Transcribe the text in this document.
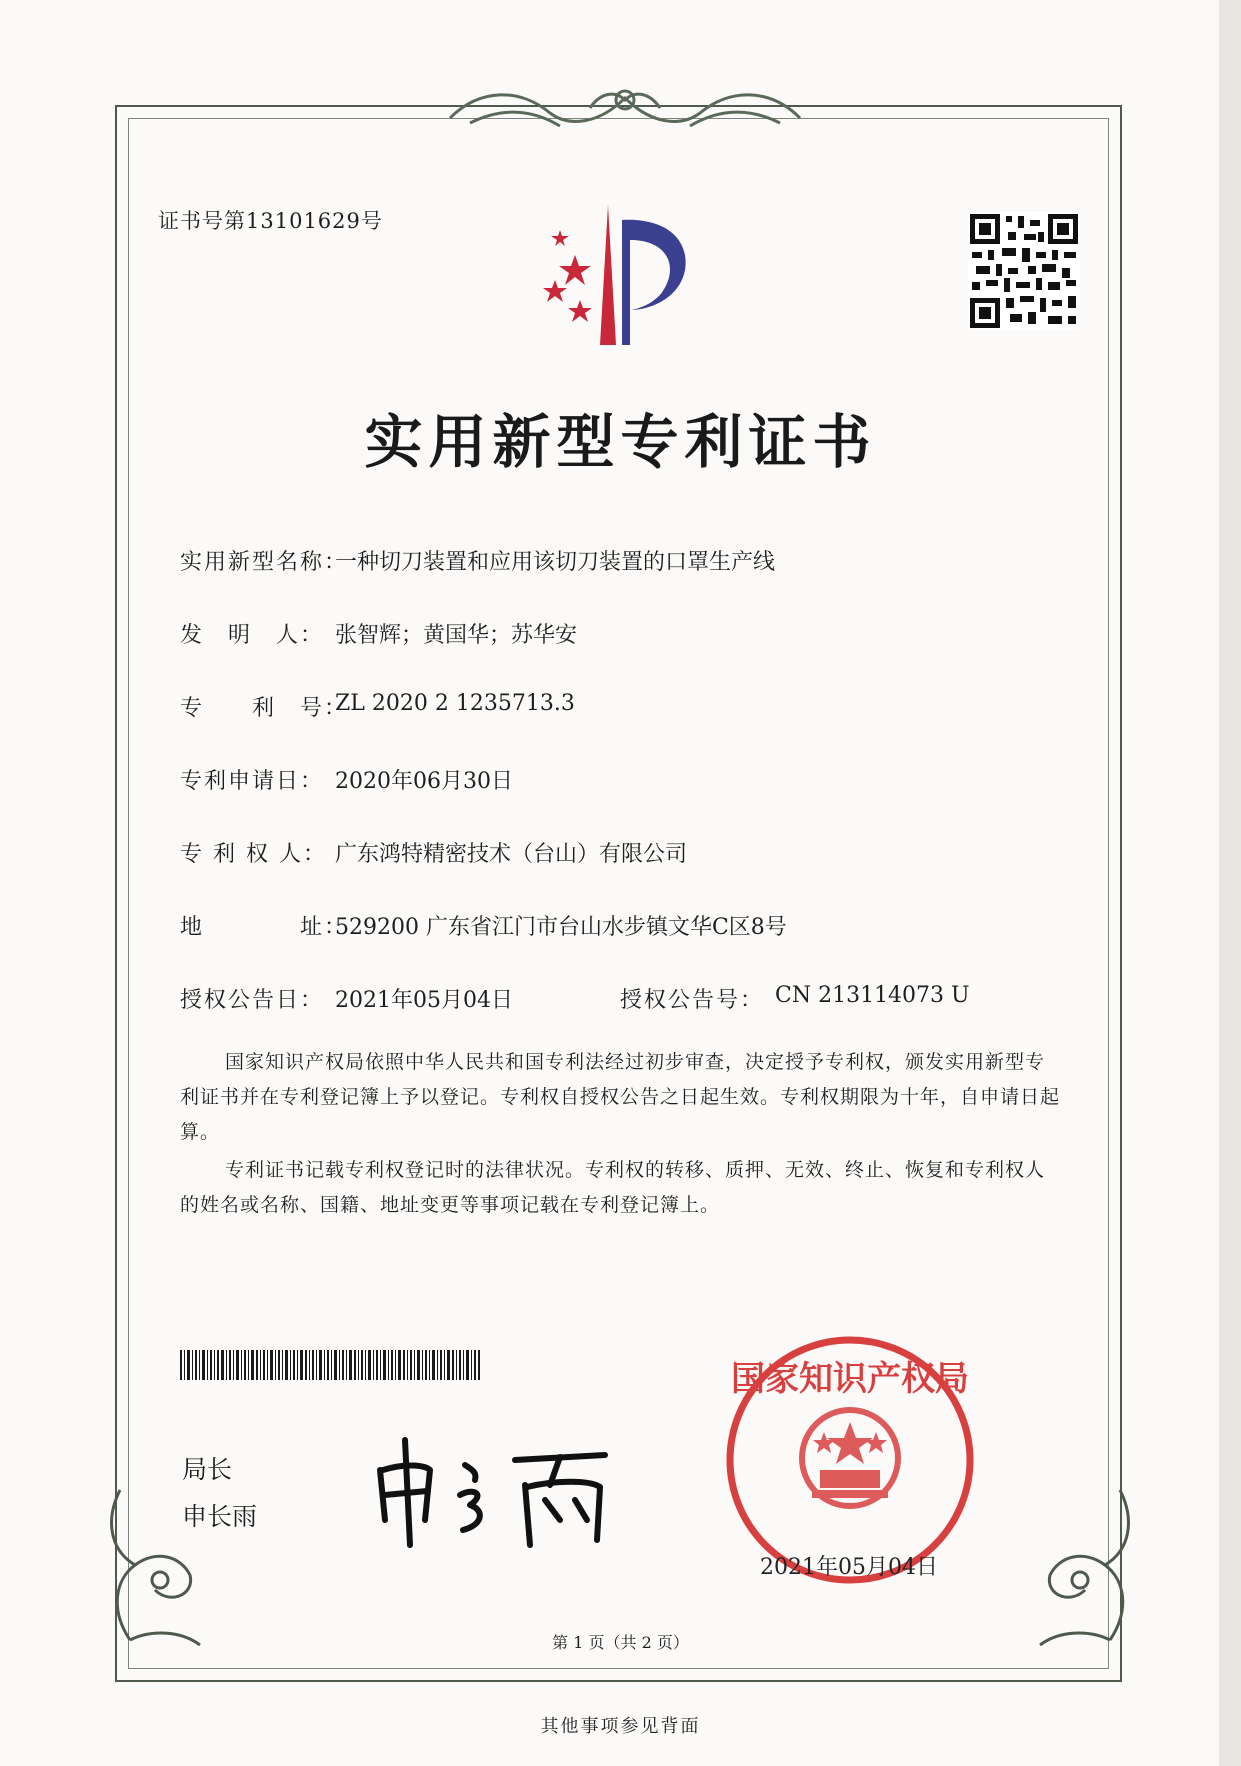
证书号第13101629号
实用新型专利证书
实用新型名称：
一种切刀装置和应用该切刀装置的口罩生产线
发　明　人： 张智辉；黄国华；苏华安
专　　利　号：
ZL 2020 2 1235713.3
专利申请日： 2020年06月30日
专 利 权 人： 广东鸿特精密技术（台山）有限公司
地　　　　址：
529200 广东省江门市台山水步镇文华C区8号
授权公告日： 2021年05月04日	授权公告号： CN 213114073 U
国家知识产权局依照中华人民共和国专利法经过初步审查，决定授予专利权，颁发实用新型专利证书并在专利登记簿上予以登记。专利权自授权公告之日起生效。专利权期限为十年，自申请日起算。
专利证书记载专利权登记时的法律状况。专利权的转移、质押、无效、终止、恢复和专利权人的姓名或名称、国籍、地址变更等事项记载在专利登记簿上。
局长
申长雨
国家知识产权局
2021年05月04日
第 1 页（共 2 页）
其他事项参见背面
